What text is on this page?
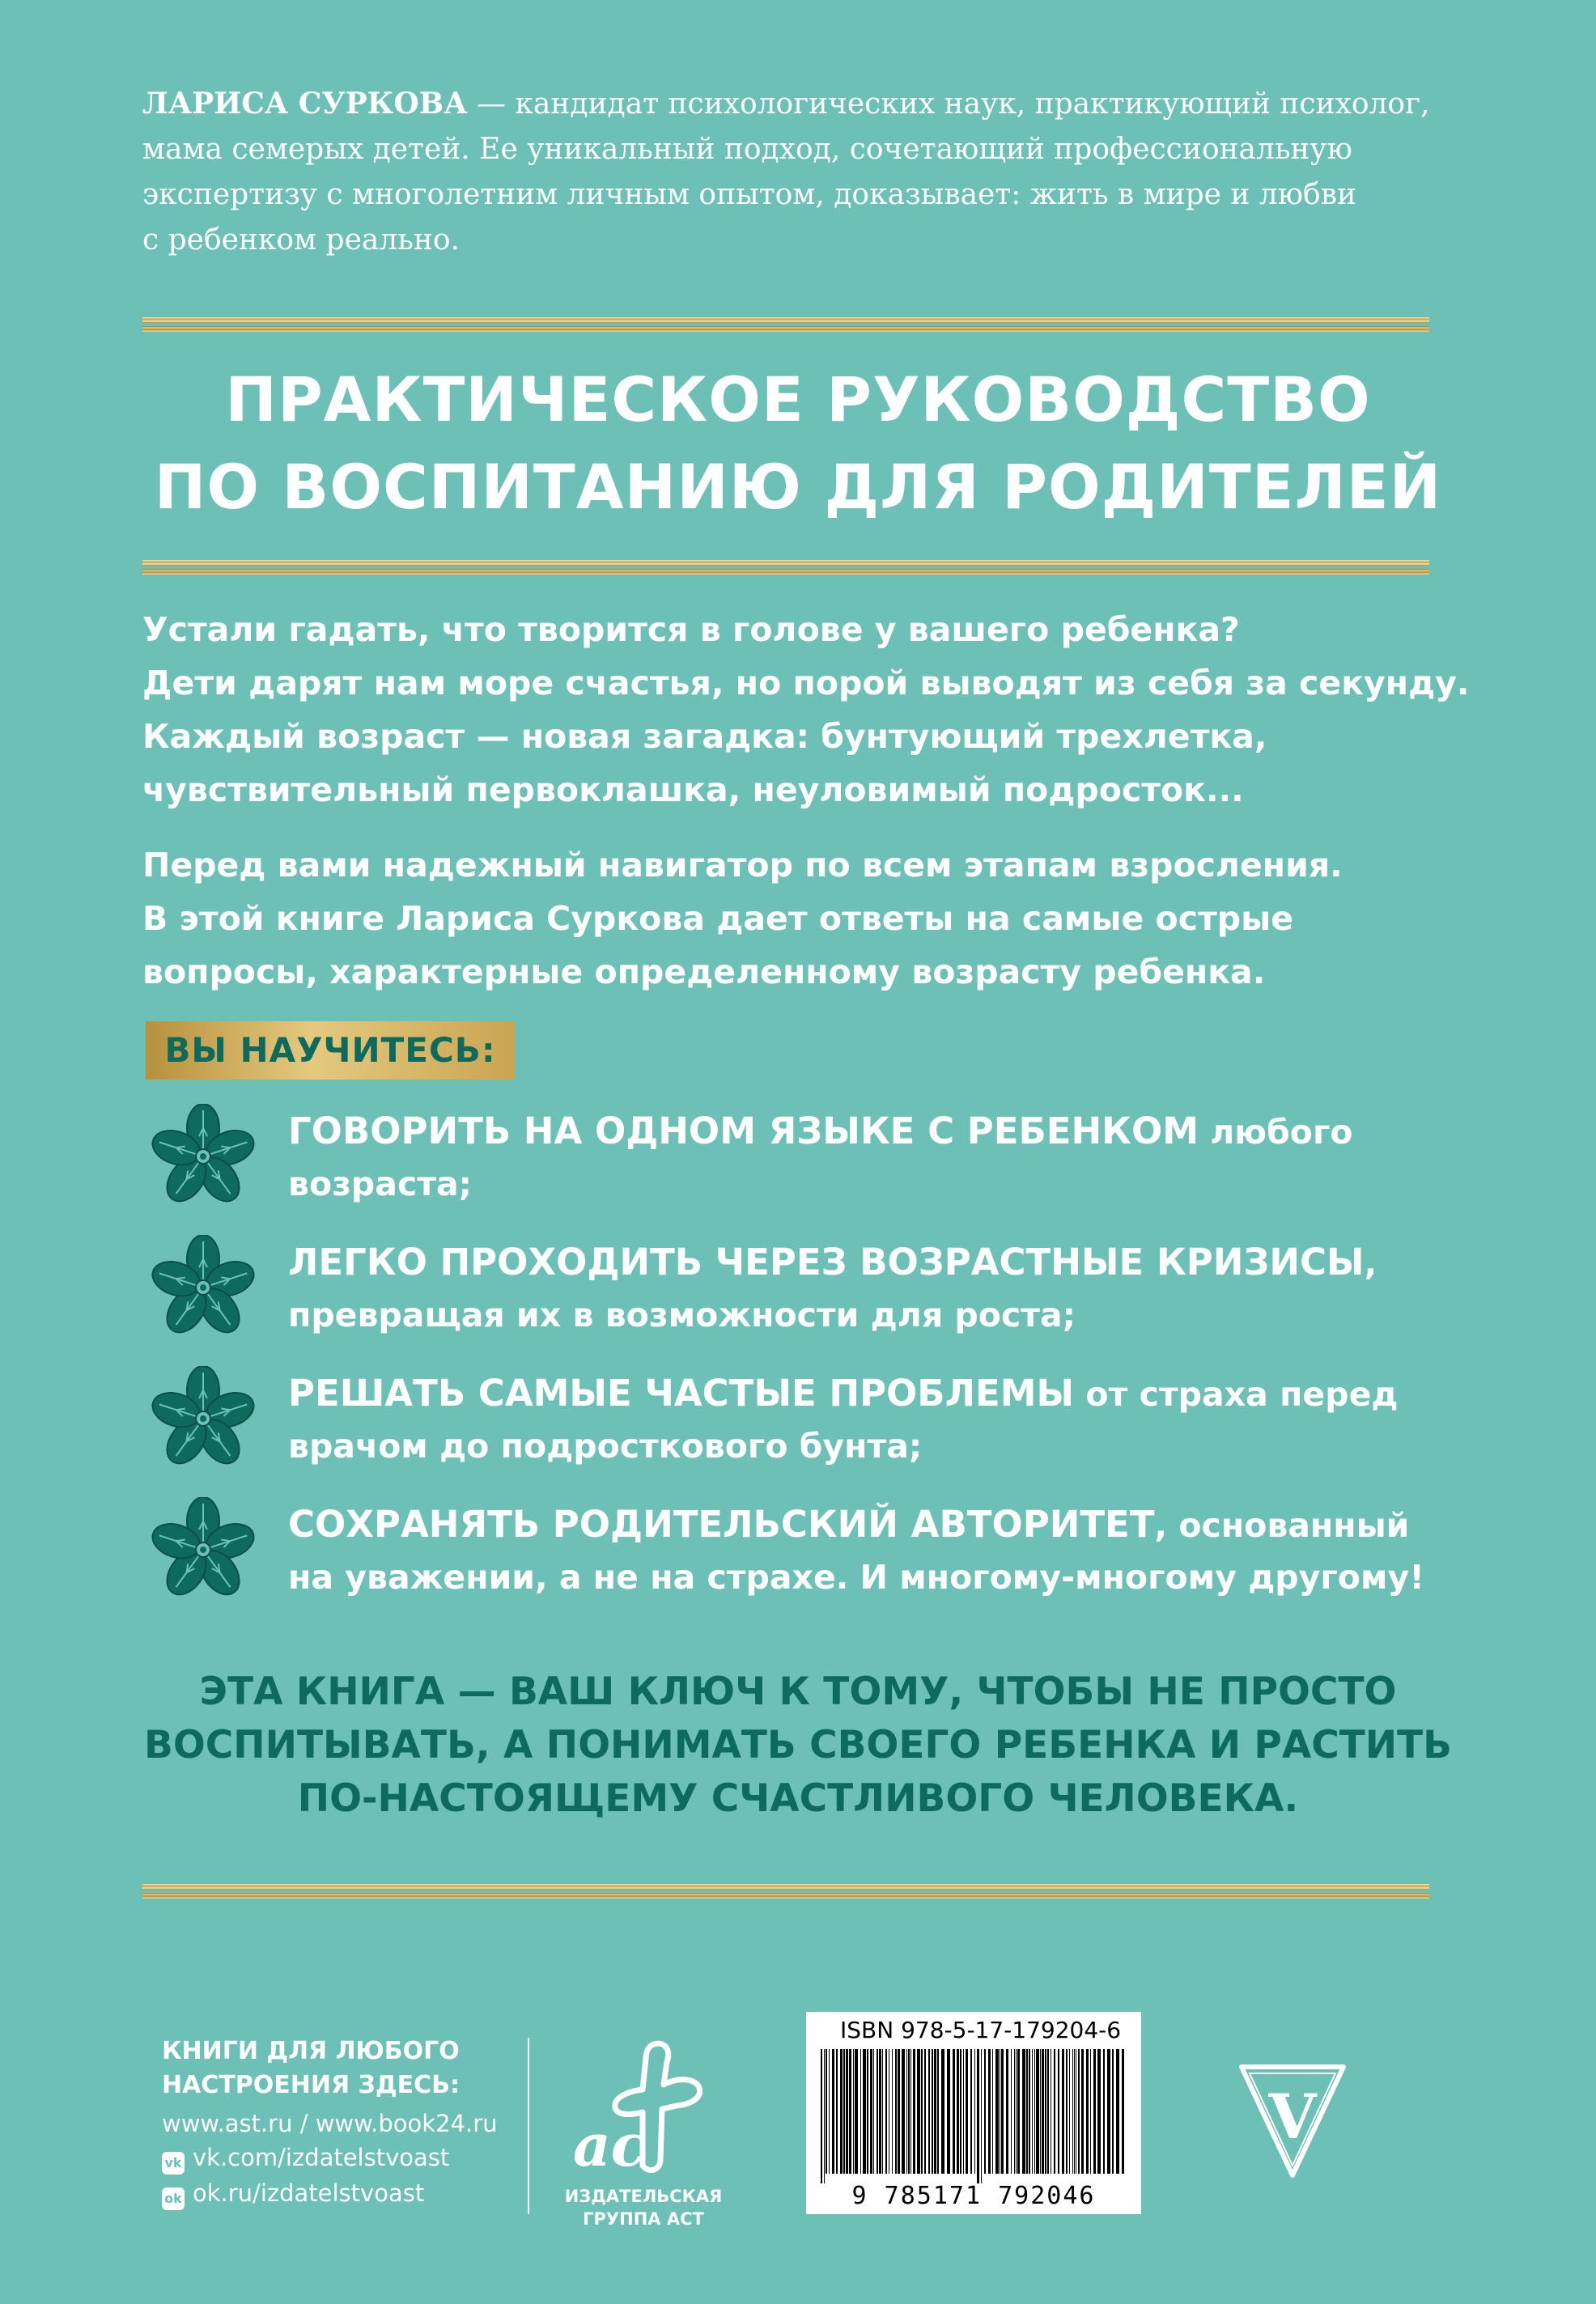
ЛАРИСА СУРКОВА — кандидат психологических наук, практикующий психолог,
мама семерых детей. Ее уникальный подход, сочетающий профессиональную
экспертизу с многолетним личным опытом, доказывает: жить в мире и любви
с ребенком реально.
ПРАКТИЧЕСКОЕ РУКОВОДСТВО
ПО ВОСПИТАНИЮ ДЛЯ РОДИТЕЛЕЙ
Устали гадать, что творится в голове у вашего ребенка?
Дети дарят нам море счастья, но порой выводят из себя за секунду.
Каждый возраст — новая загадка: бунтующий трехлетка,
чувствительный первоклашка, неуловимый подросток...
Перед вами надежный навигатор по всем этапам взросления.
В этой книге Лариса Суркова дает ответы на самые острые
вопросы, характерные определенному возрасту ребенка.
ВЫ НАУЧИТЕСЬ:
ГОВОРИТЬ НА ОДНОМ ЯЗЫКЕ С РЕБЕНКОМ любого
возраста;
ЛЕГКО ПРОХОДИТЬ ЧЕРЕЗ ВОЗРАСТНЫЕ КРИЗИСЫ,
превращая их в возможности для роста;
РЕШАТЬ САМЫЕ ЧАСТЫЕ ПРОБЛЕМЫ от страха перед
врачом до подросткового бунта;
СОХРАНЯТЬ РОДИТЕЛЬСКИЙ АВТОРИТЕТ, основанный
на уважении, а не на страхе. И многому-многому другому!
ЭТА КНИГА — ВАШ КЛЮЧ К ТОМУ, ЧТОБЫ НЕ ПРОСТО
ВОСПИТЫВАТЬ, А ПОНИМАТЬ СВОЕГО РЕБЕНКА И РАСТИТЬ
ПО-НАСТОЯЩЕМУ СЧАСТЛИВОГО ЧЕЛОВЕКА.
КНИГИ ДЛЯ ЛЮБОГО
НАСТРОЕНИЯ ЗДЕСЬ:
www.ast.ru / www.book24.ru
vk vk.com/izdatelstvoast
ok ok.ru/izdatelstvoast
ac
ИЗДАТЕЛЬСКАЯ
ГРУППА АСТ
ISBN 978-5-17-179204-6
9 785171 792046
V
